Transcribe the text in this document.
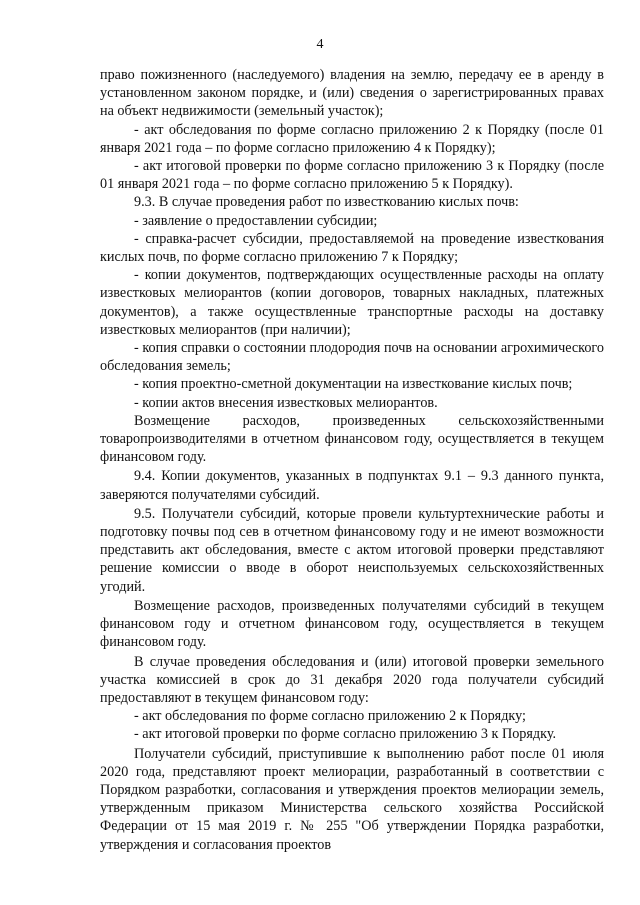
4

право пожизненного (наследуемого) владения на землю, передачу ее в аренду в установленном законом порядке, и (или) сведения о зарегистрированных правах на объект недвижимости (земельный участок);

- акт обследования по форме согласно приложению 2 к Порядку (после 01 января 2021 года – по форме согласно приложению 4 к Порядку);

- акт итоговой проверки по форме согласно приложению 3 к Порядку (после 01 января 2021 года – по форме согласно приложению 5 к Порядку).

9.3. В случае проведения работ по известкованию кислых почв:

- заявление о предоставлении субсидии;

- справка-расчет субсидии, предоставляемой на проведение известкования кислых почв, по форме согласно приложению 7 к Порядку;

- копии документов, подтверждающих осуществленные расходы на оплату известковых мелиорантов (копии договоров, товарных накладных, платежных документов), а также осуществленные транспортные расходы на доставку известковых мелиорантов (при наличии);

- копия справки о состоянии плодородия почв на основании агрохимического обследования земель;

- копия проектно-сметной документации на известкование кислых почв;

- копии актов внесения известковых мелиорантов.

Возмещение расходов, произведенных сельскохозяйственными товаропроизводителями в отчетном финансовом году, осуществляется в текущем финансовом году.

9.4. Копии документов, указанных в подпунктах 9.1 – 9.3 данного пункта, заверяются получателями субсидий.

9.5. Получатели субсидий, которые провели культуртехнические работы и подготовку почвы под сев в отчетном финансовому году и не имеют возможности представить акт обследования, вместе с актом итоговой проверки представляют решение комиссии о вводе в оборот неиспользуемых сельскохозяйственных угодий.

Возмещение расходов, произведенных получателями субсидий в текущем финансовом году и отчетном финансовом году, осуществляется в текущем финансовом году.

В случае проведения обследования и (или) итоговой проверки земельного участка комиссией в срок до 31 декабря 2020 года получатели субсидий предоставляют в текущем финансовом году:

- акт обследования по форме согласно приложению 2 к Порядку;

- акт итоговой проверки по форме согласно приложению 3 к Порядку.

Получатели субсидий, приступившие к выполнению работ после 01 июля 2020 года, представляют проект мелиорации, разработанный в соответствии с Порядком разработки, согласования и утверждения проектов мелиорации земель, утвержденным приказом Министерства сельского хозяйства Российской Федерации от 15 мая 2019 г. № 255 "Об утверждении Порядка разработки, утверждения и согласования проектов
